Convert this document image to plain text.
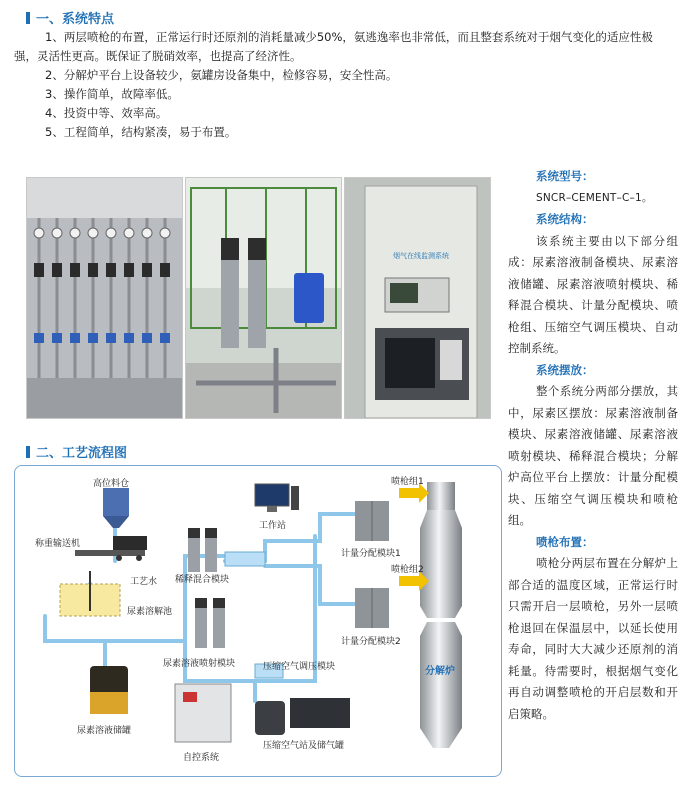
一、系统特点

1、两层喷枪的布置，正常运行时还原剂的消耗量减少50%，氨逃逸率也非常低，而且整套系统对于烟气变化的适应性极强，灵活性更高。既保证了脱硝效率，也提高了经济性。

2、分解炉平台上设备较少，氨罐房设备集中，检修容易，安全性高。

3、操作简单，故障率低。

4、投资中等、效率高。

5、工程简单，结构紧凑，易于布置。

烟气在线监测系统

系统型号：

SNCR–CEMENT–C–1。

系统结构：

该系统主要由以下部分组成：尿素溶液制备模块、尿素溶液储罐、尿素溶液喷射模块、稀释混合模块、计量分配模块、喷枪组、压缩空气调压模块、自动控制系统。

系统摆放：

整个系统分两部分摆放，其中，尿素区摆放：尿素溶液制备模块、尿素溶液储罐、尿素溶液喷射模块、稀释混合模块；分解炉高位平台上摆放：计量分配模块、压缩空气调压模块和喷枪组。

喷枪布置：

喷枪分两层布置在分解炉上部合适的温度区域，正常运行时只需开启一层喷枪，另外一层喷枪退回在保温层中，以延长使用寿命，同时大大减少还原剂的消耗量。待需要时，根据烟气变化再自动调整喷枪的开启层数和开启策略。

二、工艺流程图
高位料仓
称重输送机
工艺水
尿素溶解池
尿素溶液喷射模块
尿素溶液储罐
自控系统
稀释混合模块
工作站
压缩空气调压模块
压缩空气站及储气罐
计量分配模块1
计量分配模块2
喷枪组1
喷枪组2
分解炉
